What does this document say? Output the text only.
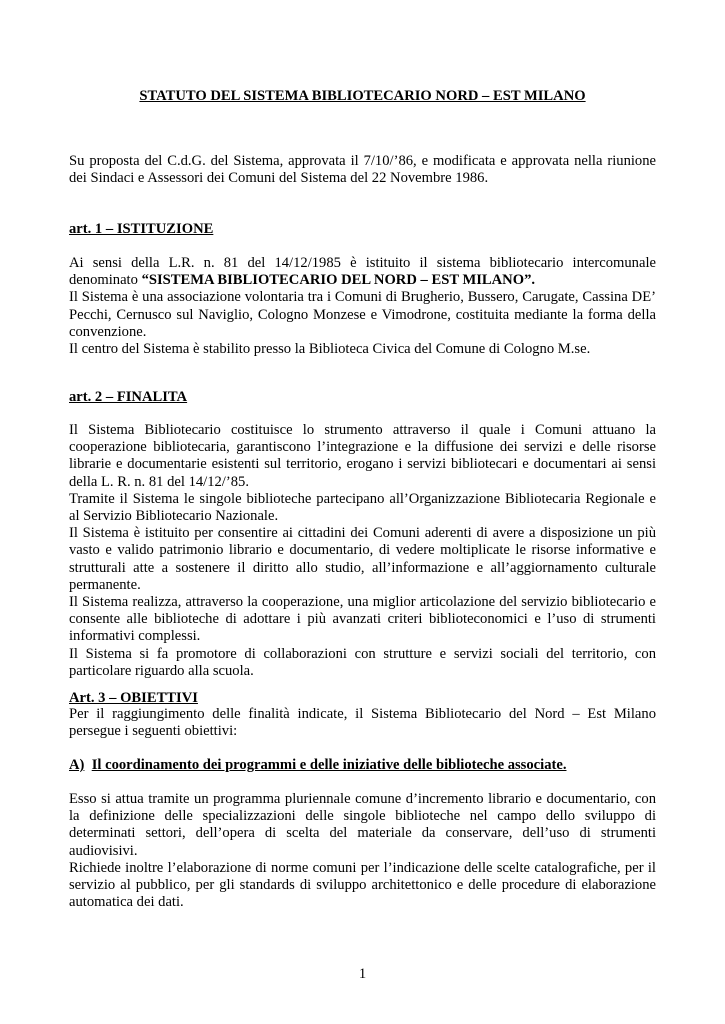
STATUTO DEL SISTEMA BIBLIOTECARIO NORD – EST MILANO
Su proposta del C.d.G. del Sistema, approvata il 7/10/’86, e modificata e approvata nella riunione dei Sindaci e Assessori dei Comuni del Sistema del 22 Novembre 1986.
art. 1 – ISTITUZIONE

Ai sensi della L.R. n. 81 del 14/12/1985 è istituito il sistema bibliotecario intercomunale denominato “SISTEMA BIBLIOTECARIO DEL NORD – EST MILANO”.

Il Sistema è una associazione volontaria tra i Comuni di Brugherio, Bussero, Carugate, Cassina DE’ Pecchi, Cernusco sul Naviglio, Cologno Monzese e Vimodrone, costituita mediante la forma della convenzione.

Il centro del Sistema è stabilito presso la Biblioteca Civica del Comune di Cologno M.se.

art. 2 – FINALITA

Il Sistema Bibliotecario costituisce lo strumento attraverso il quale i Comuni attuano la cooperazione bibliotecaria, garantiscono l’integrazione e la diffusione dei servizi e delle risorse librarie e documentarie esistenti sul territorio, erogano i servizi bibliotecari e documentari ai sensi della L. R. n. 81 del 14/12/’85.

Tramite il Sistema le singole biblioteche partecipano all’Organizzazione Bibliotecaria Regionale e al Servizio Bibliotecario Nazionale.

Il Sistema è istituito per consentire ai cittadini dei Comuni aderenti di avere a disposizione un più vasto e valido patrimonio librario e documentario, di vedere moltiplicate le risorse informative e strutturali atte a sostenere il diritto allo studio, all’informazione e all’aggiornamento culturale permanente.

Il Sistema realizza, attraverso la cooperazione, una miglior articolazione del servizio bibliotecario e consente alle biblioteche di adottare i più avanzati criteri biblioteconomici e l’uso di strumenti informativi complessi.

Il Sistema si fa promotore di collaborazioni con strutture e servizi sociali del territorio, con particolare riguardo alla scuola.

Art. 3 – OBIETTIVI
Per il raggiungimento delle finalità indicate, il Sistema Bibliotecario del Nord – Est Milano persegue i seguenti obiettivi:
A) Il coordinamento dei programmi e delle iniziative delle biblioteche associate.

Esso si attua tramite un programma pluriennale comune d’incremento librario e documentario, con la definizione delle specializzazioni delle singole biblioteche nel campo dello sviluppo di determinati settori, dell’opera di scelta del materiale da conservare, dell’uso di strumenti audiovisivi.

Richiede inoltre l’elaborazione di norme comuni per l’indicazione delle scelte catalografiche, per il servizio al pubblico, per gli standards di sviluppo architettonico e delle procedure di elaborazione automatica dei dati.

1
